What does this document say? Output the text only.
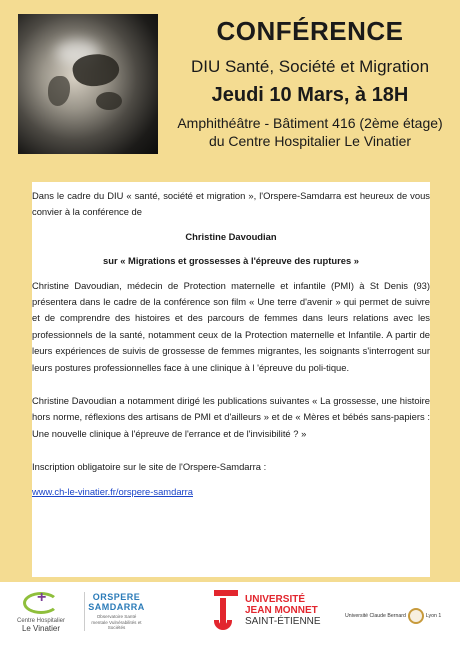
CONFÉRENCE
DIU Santé, Société et Migration
Jeudi 10 Mars, à 18H
Amphithéâtre - Bâtiment 416 (2ème étage)
du Centre Hospitalier Le Vinatier

Dans le cadre du DIU « santé, société et migration », l'Orspere-Samdarra est heureux de vous convier à la conférence de

Christine Davoudian

sur « Migrations et grossesses à l'épreuve des ruptures »

Christine Davoudian, médecin de Protection maternelle et infantile (PMI) à St Denis (93) présentera dans le cadre de la conférence son film « Une terre d'avenir » qui permet de suivre et de comprendre des histoires et des parcours de femmes dans leurs relations avec les professionnels de la santé, notamment ceux de la Protection maternelle et Infantile. A partir de leurs expériences de suivis de grossesse de femmes migrantes, les soignants s'interrogent sur leurs postures professionnelles face à une clinique à l 'épreuve du poli-tique.

Christine Davoudian a notamment dirigé les publications suivantes « La grossesse, une histoire hors norme, réflexions des artisans de PMI et d'ailleurs » et de « Mères et bébés sans-papiers : Une nouvelle clinique à l'épreuve de l'errance et de l'invisibilité ? »

Inscription obligatoire sur le site de l'Orspere-Samdarra :

www.ch-le-vinatier.fr/orspere-samdarra

+
Centre Hospitalier
Le Vinatier
ORSPERE
SAMDARRA
Observatoire Santé mentale Vulnérabilités et Sociétés
UNIVERSITÉ
JEAN MONNET
SAINT-ÉTIENNE	Université Claude Bernard	Lyon 1
